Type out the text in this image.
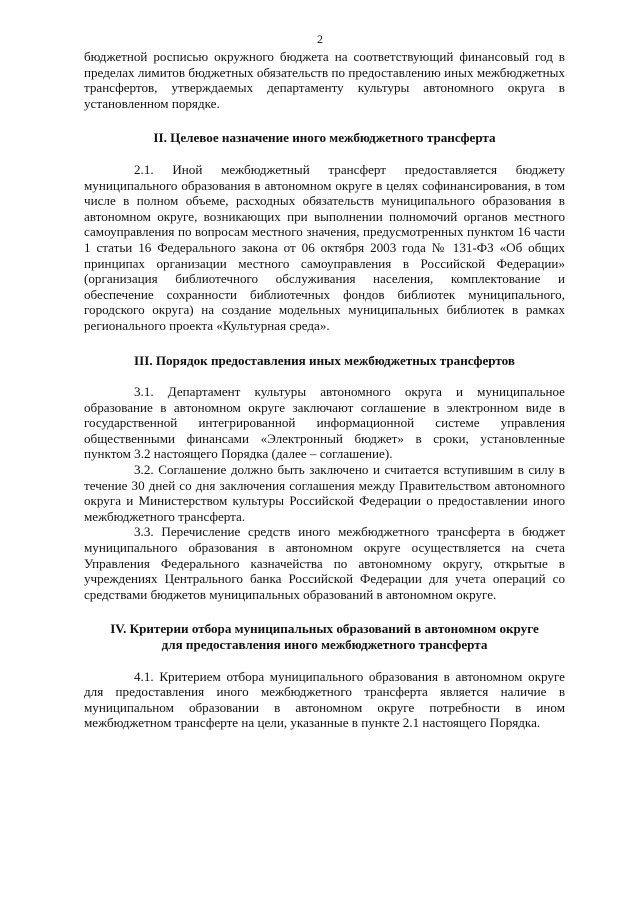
2

бюджетной росписью окружного бюджета на соответствующий финансовый год в пределах лимитов бюджетных обязательств по предоставлению иных межбюджетных трансфертов, утверждаемых департаменту культуры автономного округа в установленном порядке.

II. Целевое назначение иного межбюджетного трансферта

2.1. Иной межбюджетный трансферт предоставляется бюджету муниципального образования в автономном округе в целях софинансирования, в том числе в полном объеме, расходных обязательств муниципального образования в автономном округе, возникающих при выполнении полномочий органов местного самоуправления по вопросам местного значения, предусмотренных пунктом 16 части 1 статьи 16 Федерального закона от 06 октября 2003 года № 131-ФЗ «Об общих принципах организации местного самоуправления в Российской Федерации» (организация библиотечного обслуживания населения, комплектование и обеспечение сохранности библиотечных фондов библиотек муниципального, городского округа) на создание модельных муниципальных библиотек в рамках регионального проекта «Культурная среда».

III. Порядок предоставления иных межбюджетных трансфертов

3.1. Департамент культуры автономного округа и муниципальное образование в автономном округе заключают соглашение в электронном виде в государственной интегрированной информационной системе управления общественными финансами «Электронный бюджет» в сроки, установленные пунктом 3.2 настоящего Порядка (далее – соглашение).

3.2. Соглашение должно быть заключено и считается вступившим в силу в течение 30 дней со дня заключения соглашения между Правительством автономного округа и Министерством культуры Российской Федерации о предоставлении иного межбюджетного трансферта.

3.3. Перечисление средств иного межбюджетного трансферта в бюджет муниципального образования в автономном округе осуществляется на счета Управления Федерального казначейства по автономному округу, открытые в учреждениях Центрального банка Российской Федерации для учета операций со средствами бюджетов муниципальных образований в автономном округе.

IV. Критерии отбора муниципальных образований в автономном округе
для предоставления иного межбюджетного трансферта

4.1. Критерием отбора муниципального образования в автономном округе для предоставления иного межбюджетного трансферта является наличие в муниципальном образовании в автономном округе потребности в ином межбюджетном трансферте на цели, указанные в пункте 2.1 настоящего Порядка.
